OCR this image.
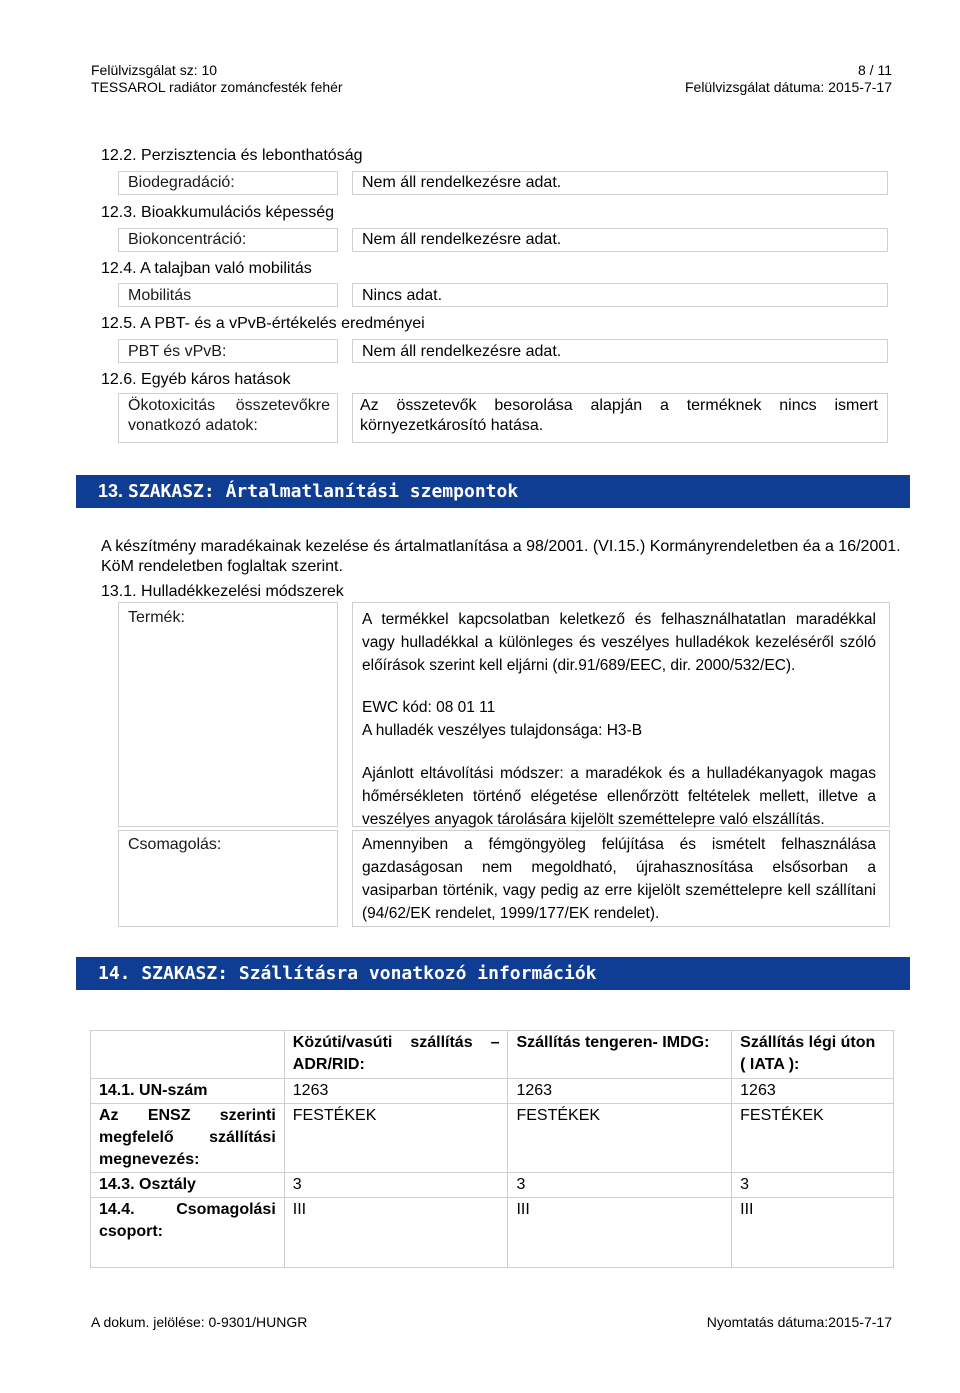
Felülvizsgálat sz: 10	8 / 11
TESSAROL radiátor zománcfesték fehér	Felülvizsgálat dátuma: 2015-7-17
12.2. Perzisztencia és lebonthatóság
Biodegradáció:	Nem áll rendelkezésre adat.
12.3. Bioakkumulációs képesség
Biokoncentráció:	Nem áll rendelkezésre adat.
12.4. A talajban való mobilitás
Mobilitás	Nincs adat.
12.5. A PBT- és a vPvB-értékelés eredményei
PBT és vPvB:	Nem áll rendelkezésre adat.
12.6. Egyéb káros hatások
Ökotoxicitás összetevőkre vonatkozó adatok:
Az összetevők besorolása alapján a terméknek nincs ismert környezetkárosító hatása.
13. SZAKASZ: Ártalmatlanítási szempontok
A készítmény maradékainak kezelése és ártalmatlanítása a 98/2001. (VI.15.) Kormányrendeletben éa a 16/2001. KöM rendeletben foglaltak szerint.
13.1. Hulladékkezelési módszerek
Termék:	A termékkel kapcsolatban keletkező és felhasználhatatlan maradékkal vagy hulladékkal a különleges és veszélyes hulladékok kezeléséről szóló előírások szerint kell eljárni (dir.91/689/EEC, dir. 2000/532/EC).
EWC kód: 08 01 11
A hulladék veszélyes tulajdonsága: H3-B
Ajánlott eltávolítási módszer: a maradékok és a hulladékanyagok magas hőmérsékleten történő elégetése ellenőrzött feltételek mellett, illetve a veszélyes anyagok tárolására kijelölt szeméttelepre való elszállítás.
Csomagolás:	Amennyiben a fémgöngyöleg felújítása és ismételt felhasználása gazdaságosan nem megoldható, újrahasznosítása elsősorban a vasiparban történik, vagy pedig az erre kijelölt szeméttelepre kell szállítani (94/62/EK rendelet, 1999/177/EK rendelet).
14. SZAKASZ: Szállításra vonatkozó információk
	Közúti/vasúti szállítás – ADR/RID:	Szállítás tengeren- IMDG:	Szállítás légi úton ( IATA ):
14.1. UN-szám	1263	1263	1263
Az ENSZ szerinti megfelelő szállítási megnevezés:	FESTÉKEK	FESTÉKEK	FESTÉKEK
14.3. Osztály	3	3	3
14.4. Csomagolási csoport:	III	III	III
A dokum. jelölése: 0-9301/HUNGR	Nyomtatás dátuma:2015-7-17
